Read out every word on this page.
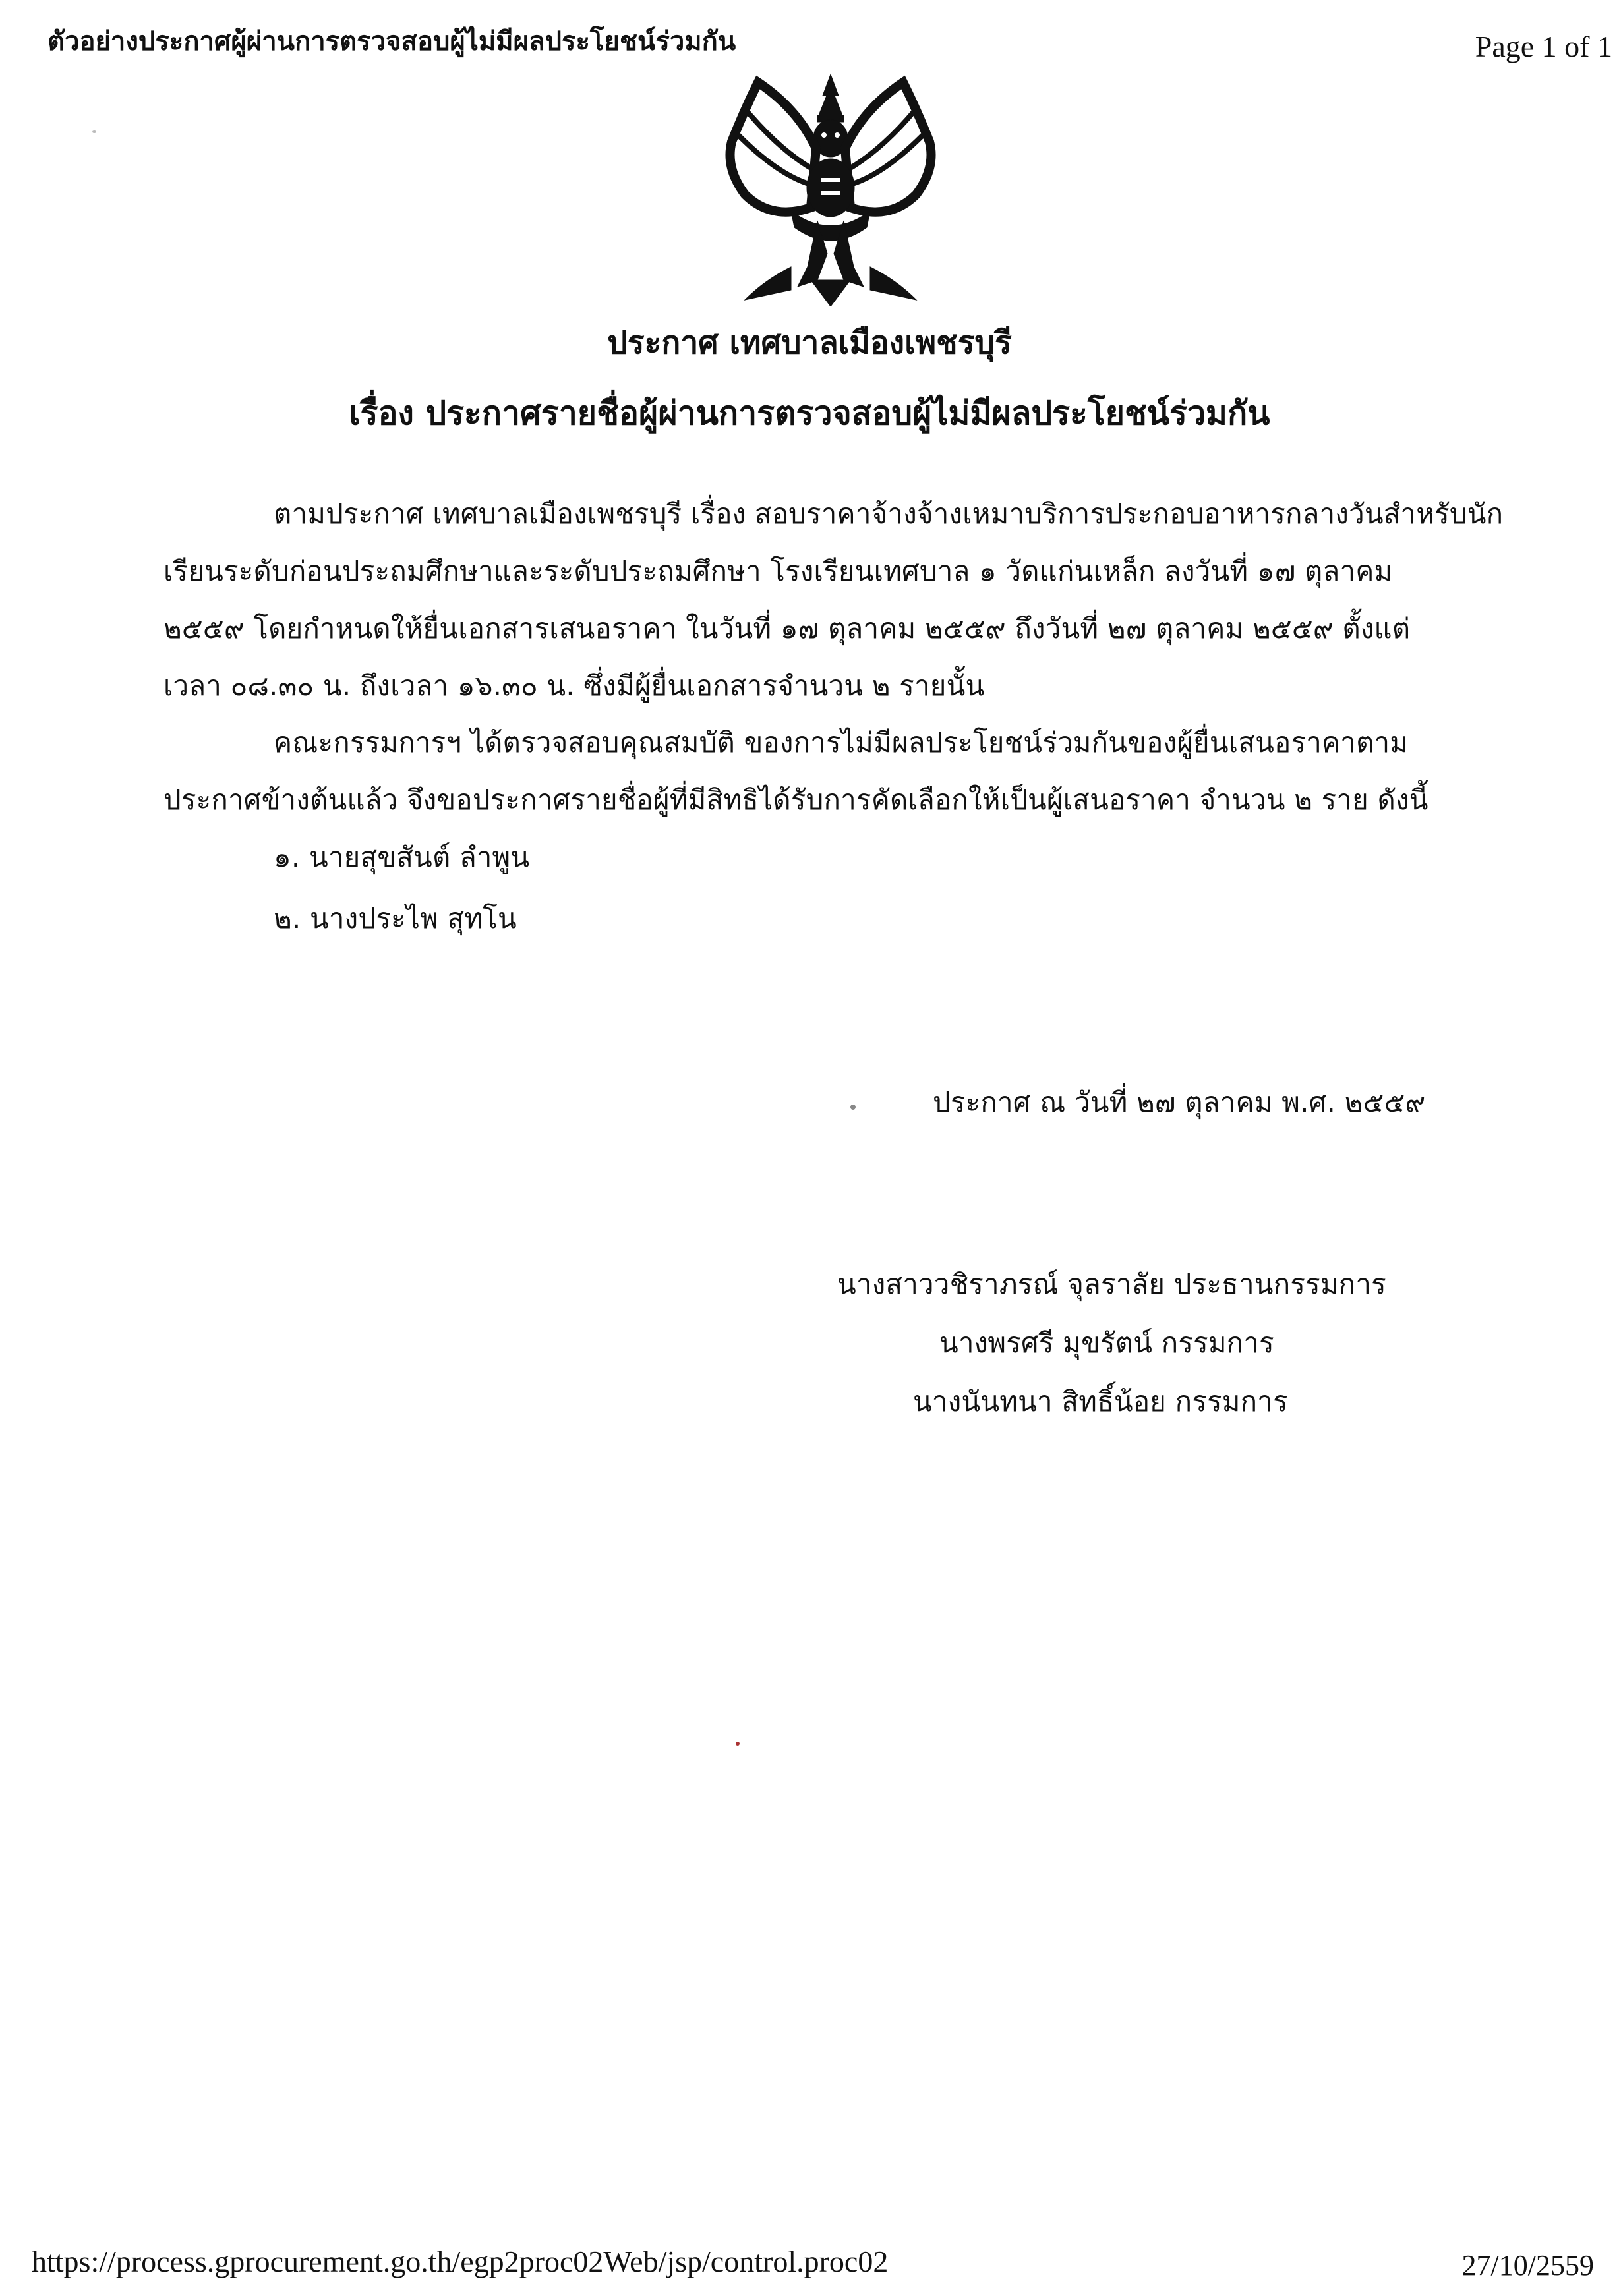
ตัวอย่างประกาศผู้ผ่านการตรวจสอบผู้ไม่มีผลประโยชน์ร่วมกัน	Page 1 of 1
ประกาศ เทศบาลเมืองเพชรบุรี
เรื่อง ประกาศรายชื่อผู้ผ่านการตรวจสอบผู้ไม่มีผลประโยชน์ร่วมกัน
ตามประกาศ เทศบาลเมืองเพชรบุรี เรื่อง สอบราคาจ้างจ้างเหมาบริการประกอบอาหารกลางวันสำหรับนัก
เรียนระดับก่อนประถมศึกษาและระดับประถมศึกษา โรงเรียนเทศบาล ๑ วัดแก่นเหล็ก ลงวันที่ ๑๗ ตุลาคม
๒๕๕๙ โดยกำหนดให้ยื่นเอกสารเสนอราคา ในวันที่ ๑๗ ตุลาคม ๒๕๕๙ ถึงวันที่ ๒๗ ตุลาคม ๒๕๕๙ ตั้งแต่
เวลา ๐๘.๓๐ น. ถึงเวลา ๑๖.๓๐ น. ซึ่งมีผู้ยื่นเอกสารจำนวน ๒ รายนั้น
คณะกรรมการฯ ได้ตรวจสอบคุณสมบัติ ของการไม่มีผลประโยชน์ร่วมกันของผู้ยื่นเสนอราคาตาม
ประกาศข้างต้นแล้ว จึงขอประกาศรายชื่อผู้ที่มีสิทธิได้รับการคัดเลือกให้เป็นผู้เสนอราคา จำนวน ๒ ราย ดังนี้
๑. นายสุขสันต์ ลำพูน
๒. นางประไพ สุทโน
ประกาศ ณ วันที่ ๒๗ ตุลาคม พ.ศ. ๒๕๕๙
นางสาววชิราภรณ์ จุลราลัย ประธานกรรมการ
นางพรศรี มุขรัตน์ กรรมการ
นางนันทนา สิทธิ์น้อย กรรมการ
https://process.gprocurement.go.th/egp2proc02Web/jsp/control.proc02	27/10/2559
